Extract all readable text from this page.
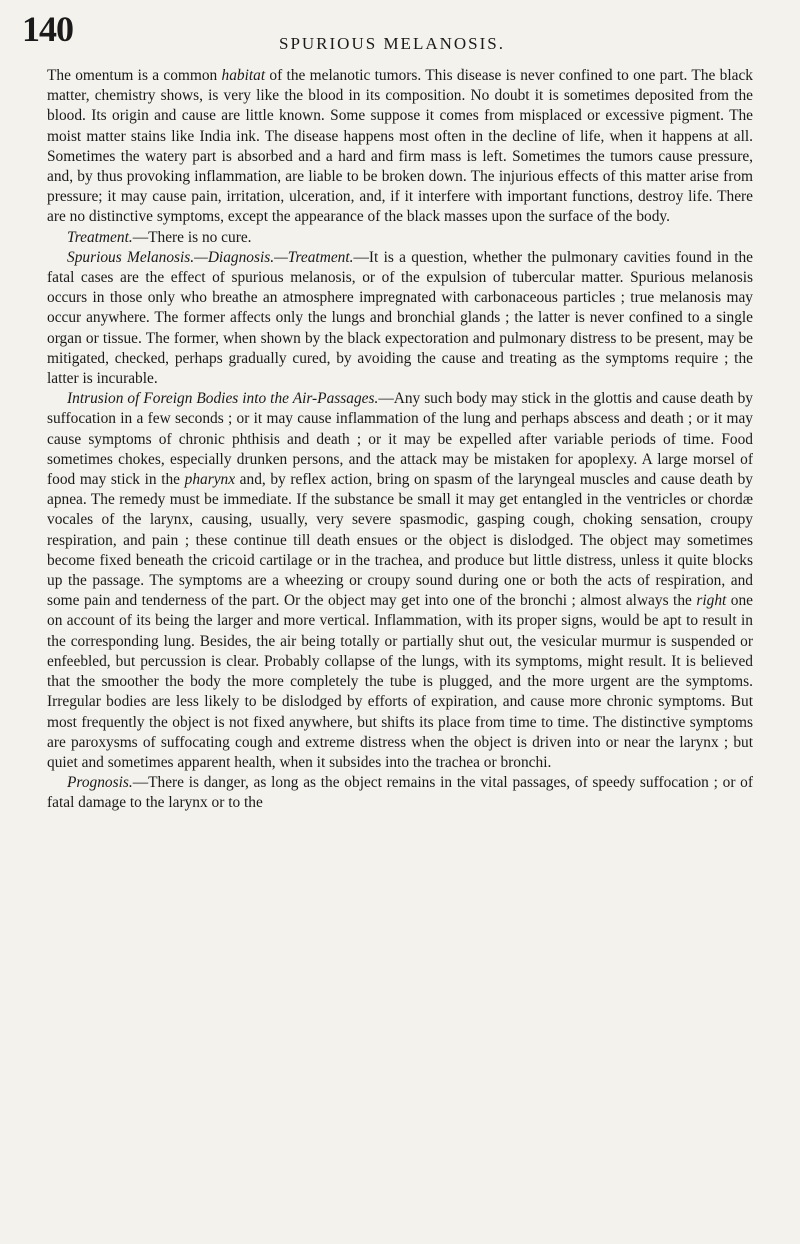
140	SPURIOUS MELANOSIS.

The omentum is a common habitat of the melanotic tumors. This disease is never confined to one part. The black matter, chemistry shows, is very like the blood in its composition. No doubt it is sometimes deposited from the blood. Its origin and cause are little known. Some suppose it comes from misplaced or excessive pigment. The moist matter stains like India ink. The disease happens most often in the decline of life, when it happens at all. Sometimes the watery part is absorbed and a hard and firm mass is left. Sometimes the tumors cause pressure, and, by thus provoking inflammation, are liable to be broken down. The injurious effects of this matter arise from pressure; it may cause pain, irritation, ulceration, and, if it interfere with important functions, destroy life. There are no distinctive symptoms, except the appearance of the black masses upon the surface of the body.

Treatment.—There is no cure.

Spurious Melanosis.—Diagnosis.—Treatment.—It is a question, whether the pulmonary cavities found in the fatal cases are the effect of spurious melanosis, or of the expulsion of tubercular matter. Spurious melanosis occurs in those only who breathe an atmosphere impregnated with carbonaceous particles ; true melanosis may occur anywhere. The former affects only the lungs and bronchial glands ; the latter is never confined to a single organ or tissue. The former, when shown by the black expectoration and pulmonary distress to be present, may be mitigated, checked, perhaps gradually cured, by avoiding the cause and treating as the symptoms require ; the latter is incurable.

Intrusion of Foreign Bodies into the Air-Passages.—Any such body may stick in the glottis and cause death by suffocation in a few seconds ; or it may cause inflammation of the lung and perhaps abscess and death ; or it may cause symptoms of chronic phthisis and death ; or it may be expelled after variable periods of time. Food sometimes chokes, especially drunken persons, and the attack may be mistaken for apoplexy. A large morsel of food may stick in the pharynx and, by reflex action, bring on spasm of the laryngeal muscles and cause death by apnea. The remedy must be immediate. If the substance be small it may get entangled in the ventricles or chordæ vocales of the larynx, causing, usually, very severe spasmodic, gasping cough, choking sensation, croupy respiration, and pain ; these continue till death ensues or the object is dislodged. The object may sometimes become fixed beneath the cricoid cartilage or in the trachea, and produce but little distress, unless it quite blocks up the passage. The symptoms are a wheezing or croupy sound during one or both the acts of respiration, and some pain and tenderness of the part. Or the object may get into one of the bronchi ; almost always the right one on account of its being the larger and more vertical. Inflammation, with its proper signs, would be apt to result in the corresponding lung. Besides, the air being totally or partially shut out, the vesicular murmur is suspended or enfeebled, but percussion is clear. Probably collapse of the lungs, with its symptoms, might result. It is believed that the smoother the body the more completely the tube is plugged, and the more urgent are the symptoms. Irregular bodies are less likely to be dislodged by efforts of expiration, and cause more chronic symptoms. But most frequently the object is not fixed anywhere, but shifts its place from time to time. The distinctive symptoms are paroxysms of suffocating cough and extreme distress when the object is driven into or near the larynx ; but quiet and sometimes apparent health, when it subsides into the trachea or bronchi.

Prognosis.—There is danger, as long as the object remains in the vital passages, of speedy suffocation ; or of fatal damage to the larynx or to the
